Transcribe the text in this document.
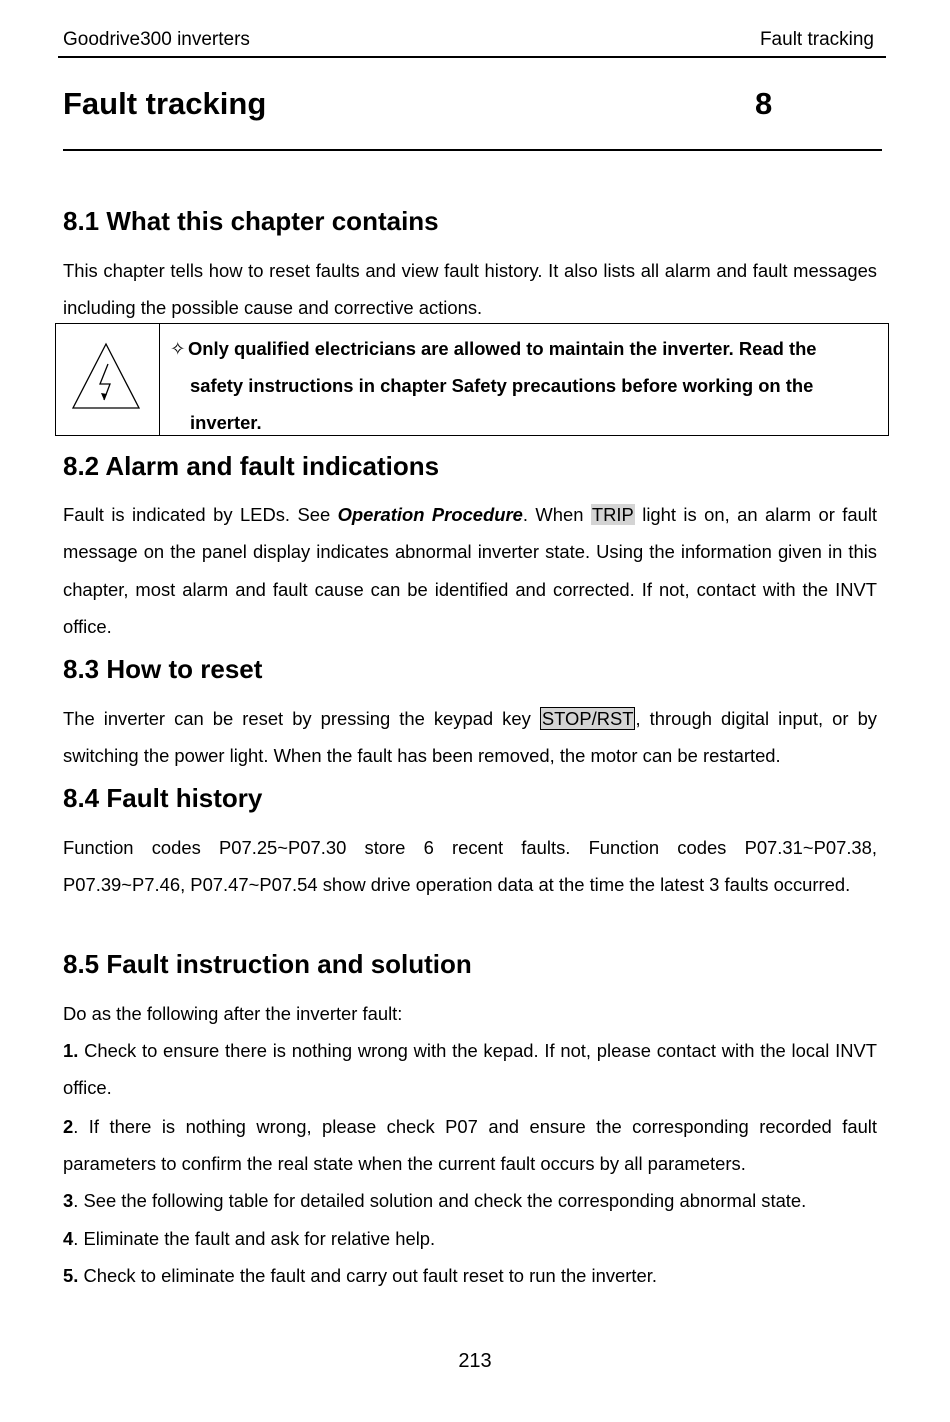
Goodrive300 inverters	Fault tracking
Fault tracking	8
8.1 What this chapter contains

This chapter tells how to reset faults and view fault history. It also lists all alarm and fault messages including the possible cause and corrective actions.

✧ Only qualified electricians are allowed to maintain the inverter. Read the
safety instructions in chapter Safety precautions before working on the
inverter.
8.2 Alarm and fault indications

Fault is indicated by LEDs. See Operation Procedure. When TRIP light is on, an alarm or fault message on the panel display indicates abnormal inverter state. Using the information given in this chapter, most alarm and fault cause can be identified and corrected. If not, contact with the INVT office.

8.3 How to reset

The inverter can be reset by pressing the keypad key STOP/RST , through digital input, or by switching the power light. When the fault has been removed, the motor can be restarted.

8.4 Fault history

Function codes P07.25~P07.30 store 6 recent faults. Function codes P07.31~P07.38, P07.39~P7.46, P07.47~P07.54 show drive operation data at the time the latest 3 faults occurred.

8.5 Fault instruction and solution

Do as the following after the inverter fault:

1. Check to ensure there is nothing wrong with the kepad. If not, please contact with the local INVT office.

2. If there is nothing wrong, please check P07 and ensure the corresponding recorded fault parameters to confirm the real state when the current fault occurs by all parameters.

3. See the following table for detailed solution and check the corresponding abnormal state.

4. Eliminate the fault and ask for relative help.

5. Check to eliminate the fault and carry out fault reset to run the inverter.

213
